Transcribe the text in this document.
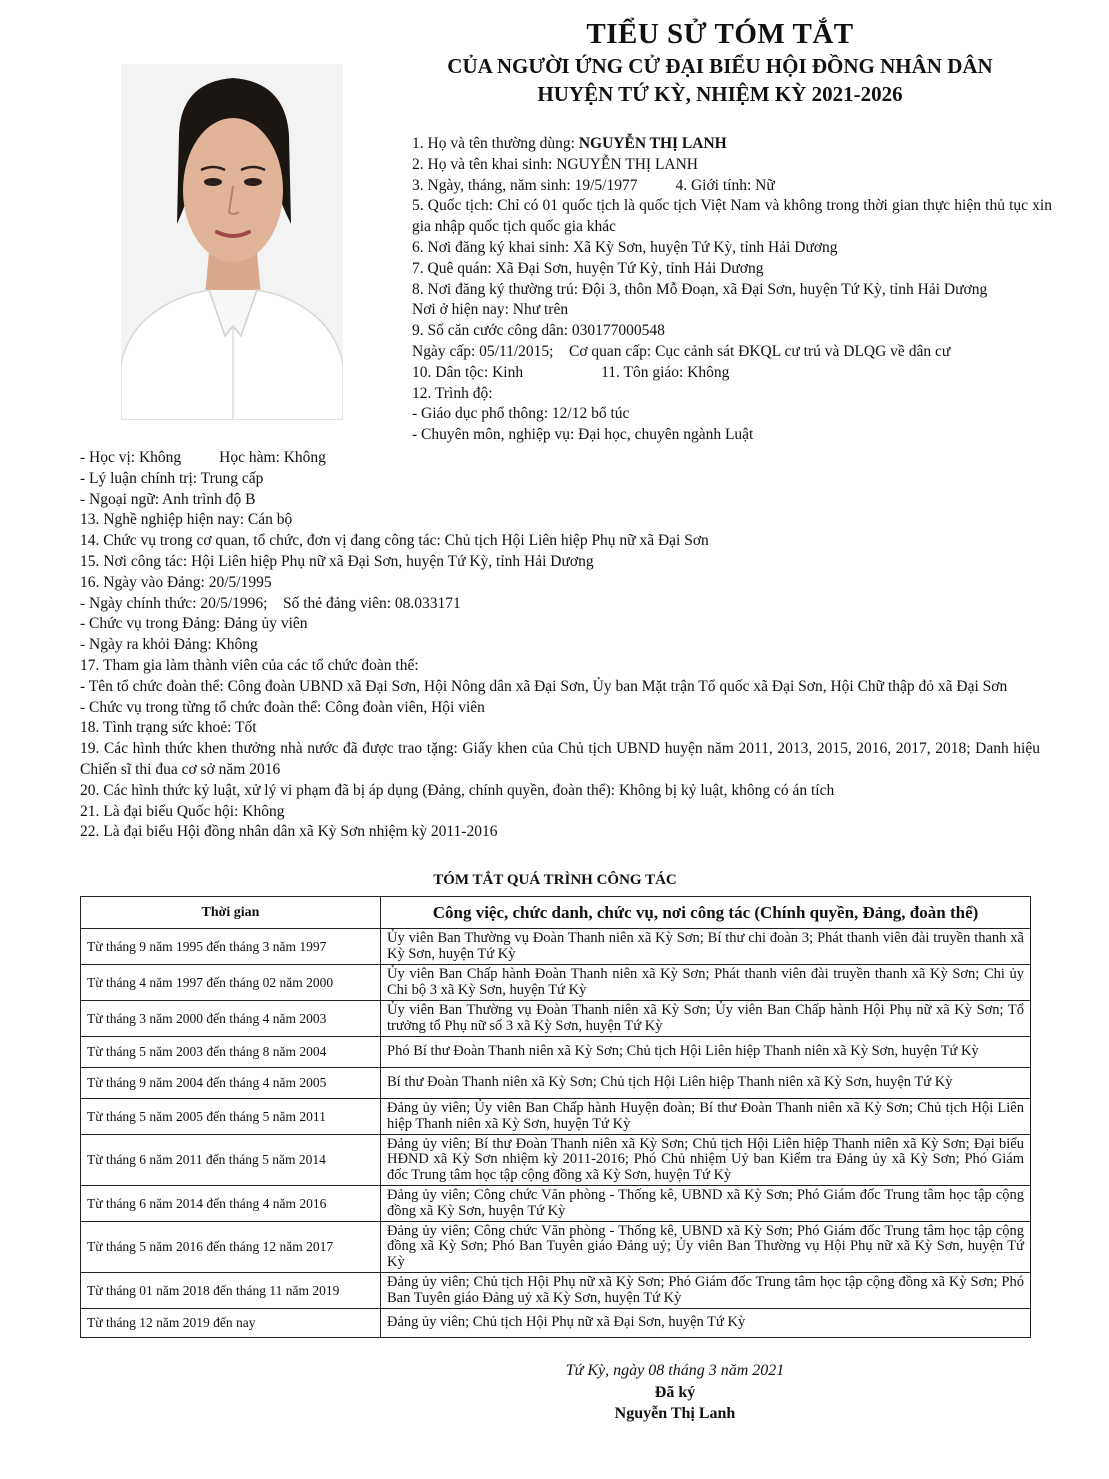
TIỂU SỬ TÓM TẮT
CỦA NGƯỜI ỨNG CỬ ĐẠI BIỂU HỘI ĐỒNG NHÂN DÂN
HUYỆN TỨ KỲ, NHIỆM KỲ 2021-2026
1. Họ và tên thường dùng: NGUYỄN THỊ LANH
2. Họ và tên khai sinh: NGUYỄN THỊ LANH
3. Ngày, tháng, năm sinh: 19/5/1977 4. Giới tính: Nữ
5. Quốc tịch: Chỉ có 01 quốc tịch là quốc tịch Việt Nam và không trong thời gian thực hiện thủ tục xin gia nhập quốc tịch quốc gia khác
6. Nơi đăng ký khai sinh: Xã Kỳ Sơn, huyện Tứ Kỳ, tỉnh Hải Dương
7. Quê quán: Xã Đại Sơn, huyện Tứ Kỳ, tỉnh Hải Dương
8. Nơi đăng ký thường trú: Đội 3, thôn Mỗ Đoạn, xã Đại Sơn, huyện Tứ Kỳ, tỉnh Hải Dương
Nơi ở hiện nay: Như trên
9. Số căn cước công dân: 030177000548
Ngày cấp: 05/11/2015;    Cơ quan cấp: Cục cảnh sát ĐKQL cư trú và DLQG về dân cư
10. Dân tộc: Kinh	11. Tôn giáo: Không
12. Trình độ:
- Giáo dục phổ thông: 12/12 bổ túc
- Chuyên môn, nghiệp vụ: Đại học, chuyên ngành Luật
- Học vị: Không Học hàm: Không
- Lý luận chính trị: Trung cấp
- Ngoại ngữ: Anh trình độ B
13. Nghề nghiệp hiện nay: Cán bộ
14. Chức vụ trong cơ quan, tổ chức, đơn vị đang công tác: Chủ tịch Hội Liên hiệp Phụ nữ xã Đại Sơn
15. Nơi công tác: Hội Liên hiệp Phụ nữ xã Đại Sơn, huyện Tứ Kỳ, tỉnh Hải Dương
16. Ngày vào Đảng: 20/5/1995
- Ngày chính thức: 20/5/1996;    Số thẻ đảng viên: 08.033171
- Chức vụ trong Đảng: Đảng ủy viên
- Ngày ra khỏi Đảng: Không
17. Tham gia làm thành viên của các tổ chức đoàn thể:
- Tên tổ chức đoàn thể: Công đoàn UBND xã Đại Sơn, Hội Nông dân xã Đại Sơn, Ủy ban Mặt trận Tổ quốc xã Đại Sơn, Hội Chữ thập đỏ xã Đại Sơn
- Chức vụ trong từng tổ chức đoàn thể: Công đoàn viên, Hội viên
18. Tình trạng sức khoẻ: Tốt
19. Các hình thức khen thưởng nhà nước đã được trao tặng: Giấy khen của Chủ tịch UBND huyện năm 2011, 2013, 2015, 2016, 2017, 2018; Danh hiệu Chiến sĩ thi đua cơ sở năm 2016
20. Các hình thức kỷ luật, xử lý vi phạm đã bị áp dụng (Đảng, chính quyền, đoàn thể): Không bị kỷ luật, không có án tích
21. Là đại biểu Quốc hội: Không
22. Là đại biểu Hội đồng nhân dân xã Kỳ Sơn nhiệm kỳ 2011-2016
TÓM TẮT QUÁ TRÌNH CÔNG TÁC
Thời gian	Công việc, chức danh, chức vụ, nơi công tác (Chính quyền, Đảng, đoàn thể)
Từ tháng 9 năm 1995 đến tháng 3 năm 1997	Ủy viên Ban Thường vụ Đoàn Thanh niên xã Kỳ Sơn; Bí thư chi đoàn 3; Phát thanh viên đài truyền thanh xã Kỳ Sơn, huyện Tứ Kỳ
Từ tháng 4 năm 1997 đến tháng 02 năm 2000	Ủy viên Ban Chấp hành Đoàn Thanh niên xã Kỳ Sơn; Phát thanh viên đài truyền thanh xã Kỳ Sơn; Chi ủy Chi bộ 3 xã Kỳ Sơn, huyện Tứ Kỳ
Từ tháng 3 năm 2000 đến tháng 4 năm 2003	Ủy viên Ban Thường vụ Đoàn Thanh niên xã Kỳ Sơn; Ủy viên Ban Chấp hành Hội Phụ nữ xã Kỳ Sơn; Tổ trưởng tổ Phụ nữ số 3 xã Kỳ Sơn, huyện Tứ Kỳ
Từ tháng 5 năm 2003 đến tháng 8 năm 2004	Phó Bí thư Đoàn Thanh niên xã Kỳ Sơn; Chủ tịch Hội Liên hiệp Thanh niên xã Kỳ Sơn, huyện Tứ Kỳ
Từ tháng 9 năm 2004 đến tháng 4 năm 2005	Bí thư Đoàn Thanh niên xã Kỳ Sơn; Chủ tịch Hội Liên hiệp Thanh niên xã Kỳ Sơn, huyện Tứ Kỳ
Từ tháng 5 năm 2005 đến tháng 5 năm 2011	Đảng ủy viên; Ủy viên Ban Chấp hành Huyện đoàn; Bí thư Đoàn Thanh niên xã Kỳ Sơn; Chủ tịch Hội Liên hiệp Thanh niên xã Kỳ Sơn, huyện Tứ Kỳ
Từ tháng 6 năm 2011 đến tháng 5 năm 2014	Đảng ủy viên; Bí thư Đoàn Thanh niên xã Kỳ Sơn; Chủ tịch Hội Liên hiệp Thanh niên xã Kỳ Sơn; Đại biểu HĐND xã Kỳ Sơn nhiệm kỳ 2011-2016; Phó Chủ nhiệm Uỷ ban Kiểm tra Đảng ủy xã Kỳ Sơn; Phó Giám đốc Trung tâm học tập cộng đồng xã Kỳ Sơn, huyện Tứ Kỳ
Từ tháng 6 năm 2014 đến tháng 4 năm 2016	Đảng ủy viên; Công chức Văn phòng - Thống kê, UBND xã Kỳ Sơn; Phó Giám đốc Trung tâm học tập cộng đồng xã Kỳ Sơn, huyện Tứ Kỳ
Từ tháng 5 năm 2016 đến tháng 12 năm 2017	Đảng ủy viên; Công chức Văn phòng - Thống kê, UBND xã Kỳ Sơn; Phó Giám đốc Trung tâm học tập cộng đồng xã Kỳ Sơn; Phó Ban Tuyên giáo Đảng uỷ; Ủy viên Ban Thường vụ Hội Phụ nữ xã Kỳ Sơn, huyện Tứ Kỳ
Từ tháng 01 năm 2018 đến tháng 11 năm 2019	Đảng ủy viên; Chủ tịch Hội Phụ nữ xã Kỳ Sơn; Phó Giám đốc Trung tâm học tập cộng đồng xã Kỳ Sơn; Phó Ban Tuyên giáo Đảng uỷ xã Kỳ Sơn, huyện Tứ Kỳ
Từ tháng 12 năm 2019 đến nay	Đảng ủy viên; Chủ tịch Hội Phụ nữ xã Đại Sơn, huyện Tứ Kỳ
Tứ Kỳ, ngày 08 tháng 3 năm 2021
Đã ký
Nguyễn Thị Lanh
